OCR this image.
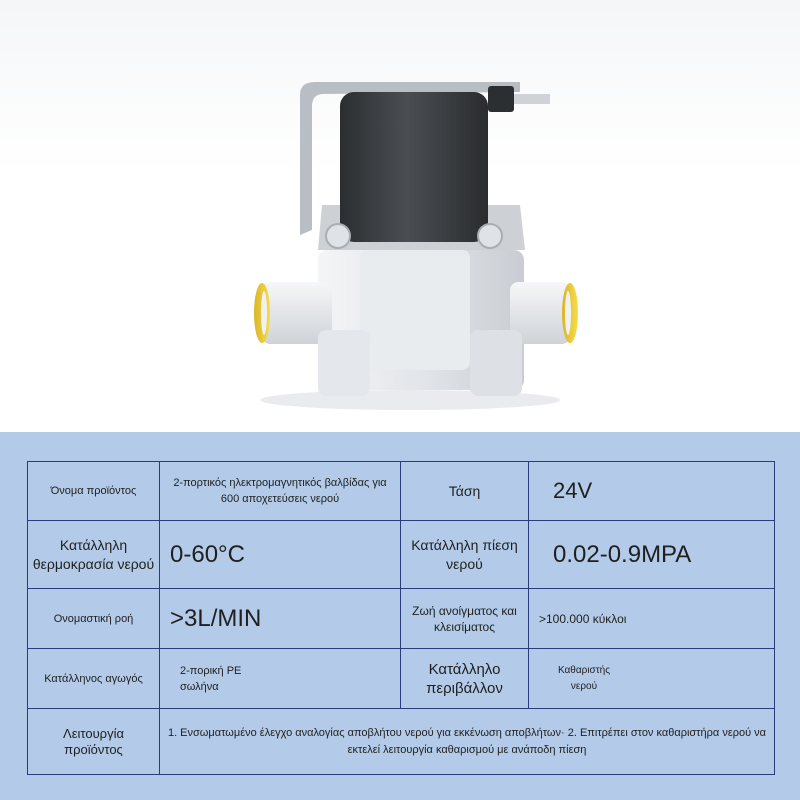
Όνομα προϊόντος	2-πορτικός ηλεκτρομαγνητικός βαλβίδας για 600 αποχετεύσεις νερού	Τάση	24V
Κατάλληλη θερμοκρασία νερού	0-60°C	Κατάλληλη πίεση νερού	0.02-0.9MPA
Ονομαστική ροή	>3L/MIN	Ζωή ανοίγματος και κλεισίματος	>100.000 κύκλοι
Κατάλληνος αγωγός	2-πορική PE σωλήνα	Κατάλληλο περιβάλλον	Καθαριστής νερού

Λειτουργία προϊόντος	1. Ενσωματωμένο έλεγχο αναλογίας αποβλήτου νερού για εκκένωση αποβλήτων· 2. Επιτρέπει στον καθαριστήρα νερού να εκτελεί λειτουργία καθαρισμού με ανάποδη πίεση		
